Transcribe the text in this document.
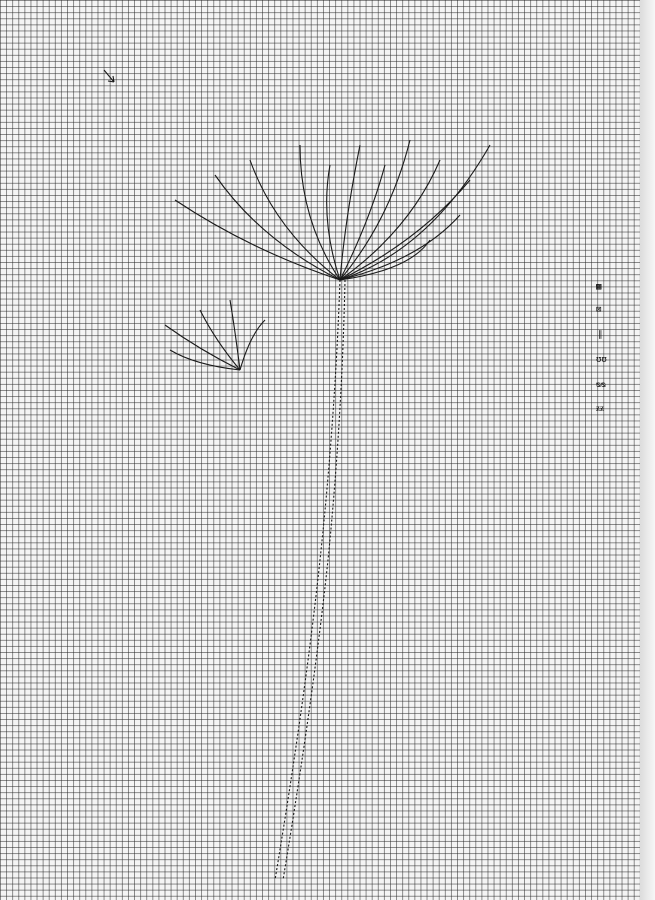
▩
⊠
∥
ʊʊ
ᴓᴓ
ᵶᵶ
